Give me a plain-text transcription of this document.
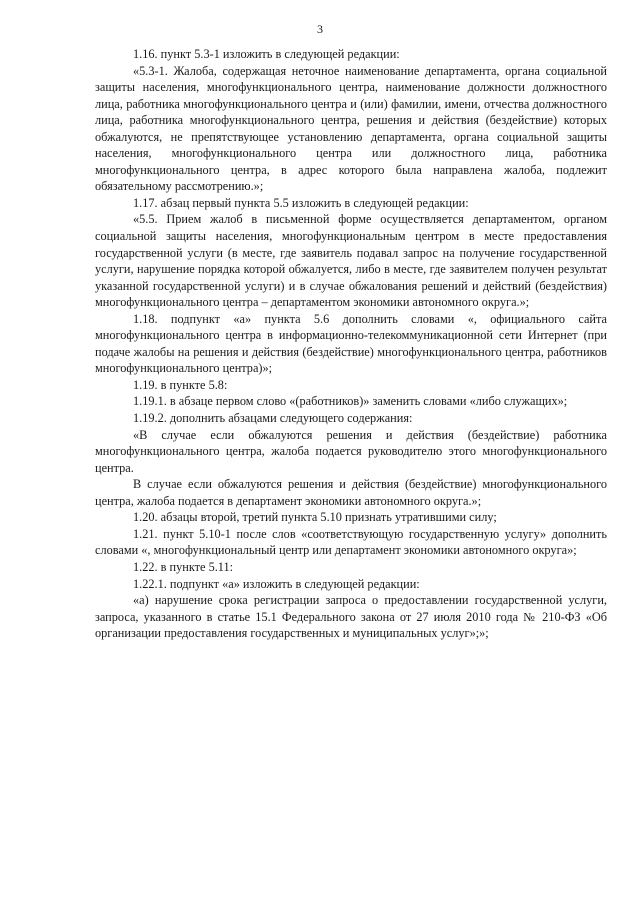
3

1.16. пункт 5.3-1 изложить в следующей редакции:

«5.3-1. Жалоба, содержащая неточное наименование департамента, органа социальной защиты населения, многофункционального центра, наименование должности должностного лица, работника многофункционального центра и (или) фамилии, имени, отчества должностного лица, работника многофункционального центра, решения и действия (бездействие) которых обжалуются, не препятствующее установлению департамента, органа социальной защиты населения, многофункционального центра или должностного лица, работника многофункционального центра, в адрес которого была направлена жалоба, подлежит обязательному рассмотрению.»;

1.17. абзац первый пункта 5.5 изложить в следующей редакции:

«5.5. Прием жалоб в письменной форме осуществляется департаментом, органом социальной защиты населения, многофункциональным центром в месте предоставления государственной услуги (в месте, где заявитель подавал запрос на получение государственной услуги, нарушение порядка которой обжалуется, либо в месте, где заявителем получен результат указанной государственной услуги) и в случае обжалования решений и действий (бездействия) многофункционального центра – департаментом экономики автономного округа.»;

1.18. подпункт «а» пункта 5.6 дополнить словами «, официального сайта многофункционального центра в информационно-телекоммуникационной сети Интернет (при подаче жалобы на решения и действия (бездействие) многофункционального центра, работников многофункционального центра)»;

1.19. в пункте 5.8:

1.19.1. в абзаце первом слово «(работников)» заменить словами «либо служащих»;

1.19.2. дополнить абзацами следующего содержания:

«В случае если обжалуются решения и действия (бездействие) работника многофункционального центра, жалоба подается руководителю этого многофункционального центра.

В случае если обжалуются решения и действия (бездействие) многофункционального центра, жалоба подается в департамент экономики автономного округа.»;

1.20. абзацы второй, третий пункта 5.10 признать утратившими силу;

1.21. пункт 5.10-1 после слов «соответствующую государственную услугу» дополнить словами «, многофункциональный центр или департамент экономики автономного округа»;

1.22. в пункте 5.11:

1.22.1. подпункт «а» изложить в следующей редакции:

«а) нарушение срока регистрации запроса о предоставлении государственной услуги, запроса, указанного в статье 15.1 Федерального закона от 27 июля 2010 года № 210-ФЗ «Об организации предоставления государственных и муниципальных услуг»;»;
